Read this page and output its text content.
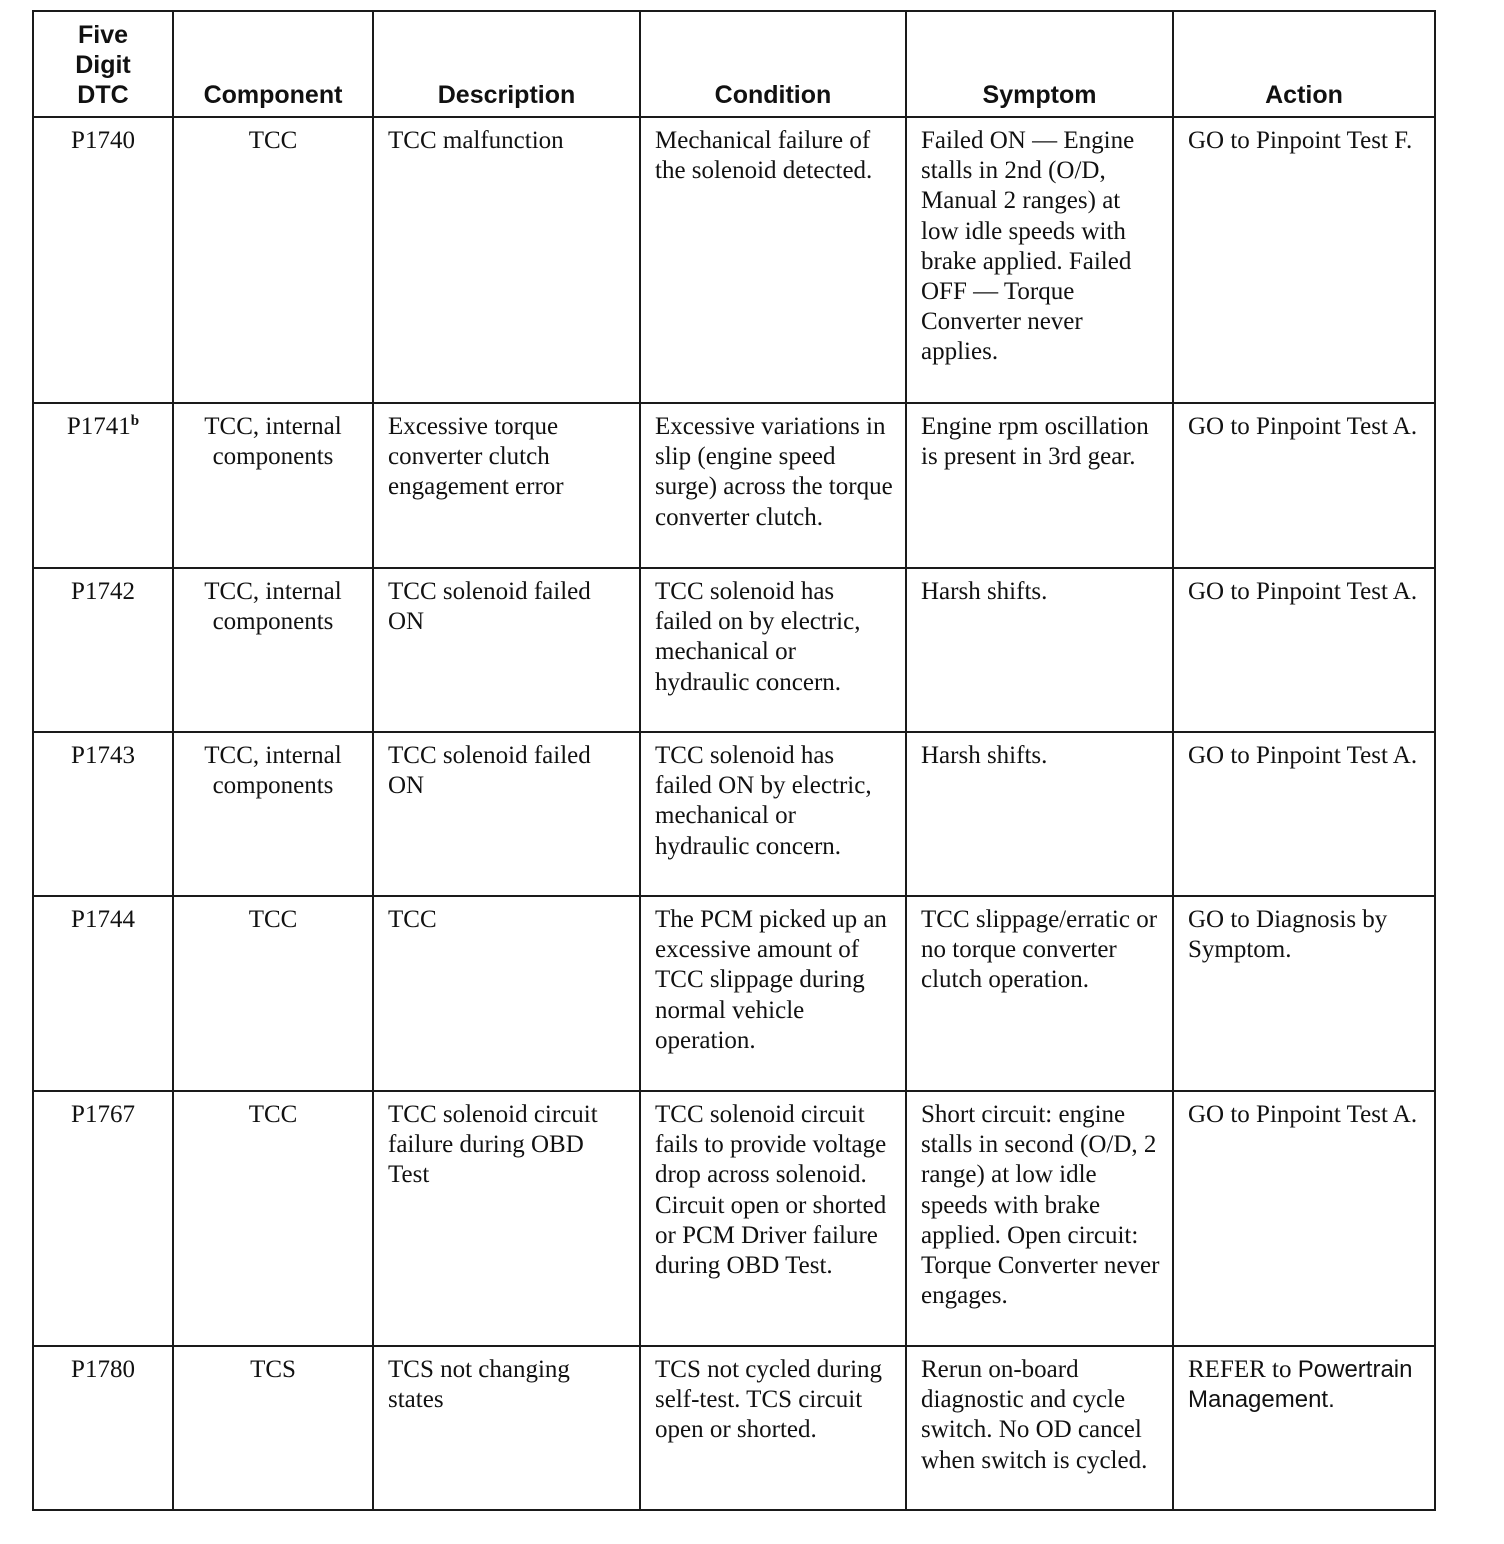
Five
Digit
DTC	Component	Description	Condition	Symptom	Action
P1740	TCC	TCC malfunction	Mechanical failure of the solenoid detected.	Failed ON — Engine stalls in 2nd (O/D, Manual 2 ranges) at low idle speeds with brake applied. Failed OFF — Torque Converter never applies.	GO to Pinpoint Test F.
P1741$^b$	TCC, internal components	Excessive torque converter clutch engagement error	Excessive variations in slip (engine speed surge) across the torque converter clutch.	Engine rpm oscillation is present in 3rd gear.	GO to Pinpoint Test A.
P1742	TCC, internal components	TCC solenoid failed ON	TCC solenoid has failed on by electric, mechanical or hydraulic concern.	Harsh shifts.	GO to Pinpoint Test A.
P1743	TCC, internal components	TCC solenoid failed ON	TCC solenoid has failed ON by electric, mechanical or hydraulic concern.	Harsh shifts.	GO to Pinpoint Test A.
P1744	TCC	TCC	The PCM picked up an excessive amount of TCC slippage during normal vehicle operation.	TCC slippage/erratic or no torque converter clutch operation.	GO to Diagnosis by Symptom.
P1767	TCC	TCC solenoid circuit failure during OBD Test	TCC solenoid circuit fails to provide voltage drop across solenoid. Circuit open or shorted or PCM Driver failure during OBD Test.	Short circuit: engine stalls in second (O/D, 2 range) at low idle speeds with brake applied. Open circuit: Torque Converter never engages.	GO to Pinpoint Test A.
P1780	TCS	TCS not changing states	TCS not cycled during self-test. TCS circuit open or shorted.	Rerun on-board diagnostic and cycle switch. No OD cancel when switch is cycled.	REFER to Powertrain Management.
